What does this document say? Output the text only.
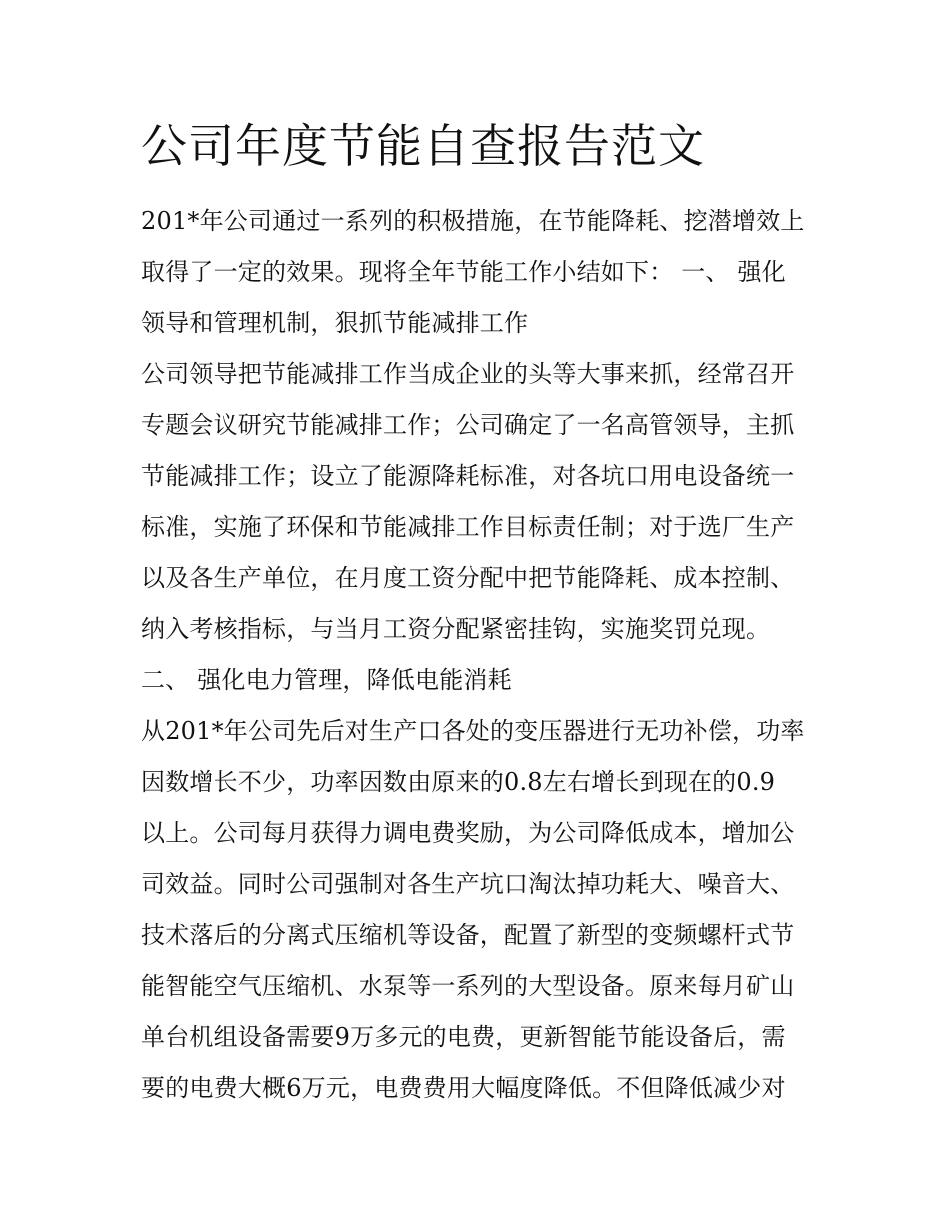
公司年度节能自查报告范文
201*年公司通过一系列的积极措施，在节能降耗、挖潜增效上
取得了一定的效果。现将全年节能工作小结如下： 一、 强化
领导和管理机制，狠抓节能减排工作
公司领导把节能减排工作当成企业的头等大事来抓，经常召开
专题会议研究节能减排工作；公司确定了一名高管领导，主抓
节能减排工作；设立了能源降耗标准，对各坑口用电设备统一
标准，实施了环保和节能减排工作目标责任制；对于选厂生产
以及各生产单位，在月度工资分配中把节能降耗、成本控制、
纳入考核指标，与当月工资分配紧密挂钩，实施奖罚兑现。
二、 强化电力管理，降低电能消耗
从201*年公司先后对生产口各处的变压器进行无功补偿，功率
因数增长不少，功率因数由原来的0.8左右增长到现在的0.9
以上。公司每月获得力调电费奖励，为公司降低成本，增加公
司效益。同时公司强制对各生产坑口淘汰掉功耗大、噪音大、
技术落后的分离式压缩机等设备，配置了新型的变频螺杆式节
能智能空气压缩机、水泵等一系列的大型设备。原来每月矿山
单台机组设备需要9万多元的电费，更新智能节能设备后，需
要的电费大概6万元，电费费用大幅度降低。不但降低减少对
